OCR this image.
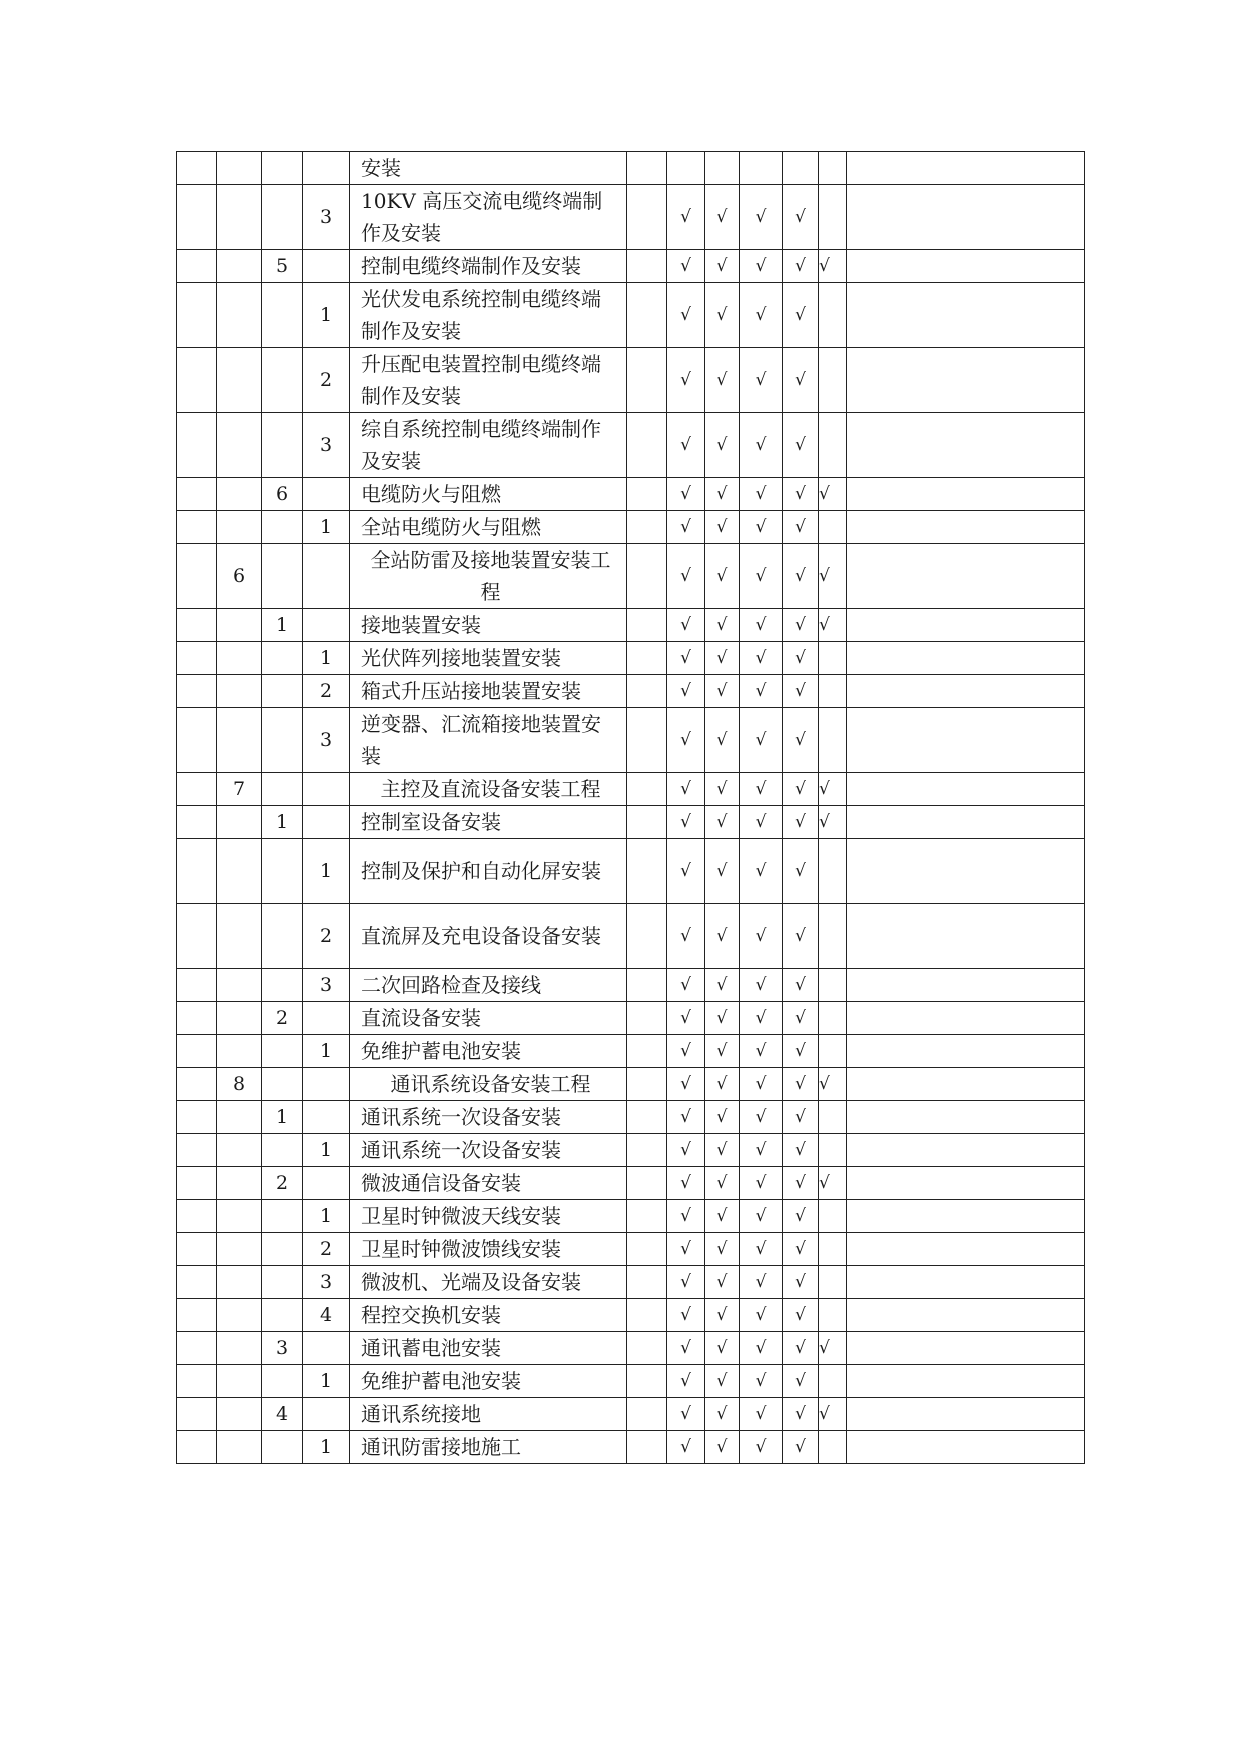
				安装							
			3	10KV 高压交流电缆终端制作及安装		√	√	√	√		
		5		控制电缆终端制作及安装		√	√	√	√	√	
			1	光伏发电系统控制电缆终端制作及安装		√	√	√	√		
			2	升压配电装置控制电缆终端制作及安装		√	√	√	√		
			3	综自系统控制电缆终端制作及安装		√	√	√	√		
		6		电缆防火与阻燃		√	√	√	√	√	
			1	全站电缆防火与阻燃		√	√	√	√		
	6			全站防雷及接地装置安装工程		√	√	√	√	√	
		1		接地装置安装		√	√	√	√	√	
			1	光伏阵列接地装置安装		√	√	√	√		
			2	箱式升压站接地装置安装		√	√	√	√		
			3	逆变器、汇流箱接地装置安装		√	√	√	√		
	7			主控及直流设备安装工程		√	√	√	√	√	
		1		控制室设备安装		√	√	√	√	√	
			1	控制及保护和自动化屏安装		√	√	√	√		
			2	直流屏及充电设备设备安装		√	√	√	√		
			3	二次回路检查及接线		√	√	√	√		
		2		直流设备安装		√	√	√	√		
			1	免维护蓄电池安装		√	√	√	√		
	8			通讯系统设备安装工程		√	√	√	√	√	
		1		通讯系统一次设备安装		√	√	√	√		
			1	通讯系统一次设备安装		√	√	√	√		
		2		微波通信设备安装		√	√	√	√	√	
			1	卫星时钟微波天线安装		√	√	√	√		
			2	卫星时钟微波馈线安装		√	√	√	√		
			3	微波机、光端及设备安装		√	√	√	√		
			4	程控交换机安装		√	√	√	√		
		3		通讯蓄电池安装		√	√	√	√	√	
			1	免维护蓄电池安装		√	√	√	√		
		4		通讯系统接地		√	√	√	√	√	
			1	通讯防雷接地施工		√	√	√	√		
